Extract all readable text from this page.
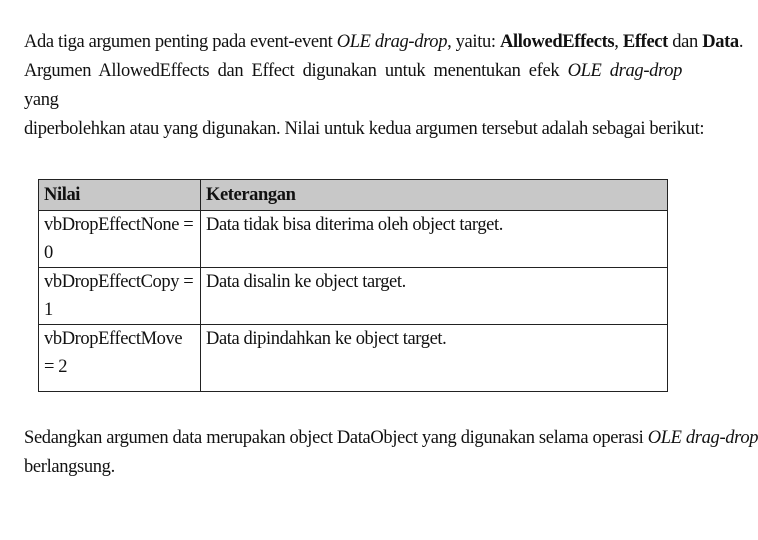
Ada tiga argumen penting pada event-event OLE drag-drop, yaitu: AllowedEffects, Effect dan Data.
Argumen AllowedEffects dan Effect digunakan untuk menentukan efek OLE drag-drop yang
diperbolehkan atau yang digunakan. Nilai untuk kedua argumen tersebut adalah sebagai berikut:
Nilai	Keterangan
vbDropEffectNone = 0	Data tidak bisa diterima oleh object target.
vbDropEffectCopy = 1	Data disalin ke object target.
vbDropEffectMove = 2	Data dipindahkan ke object target.
Sedangkan argumen data merupakan object DataObject yang digunakan selama operasi OLE drag-drop
berlangsung.
